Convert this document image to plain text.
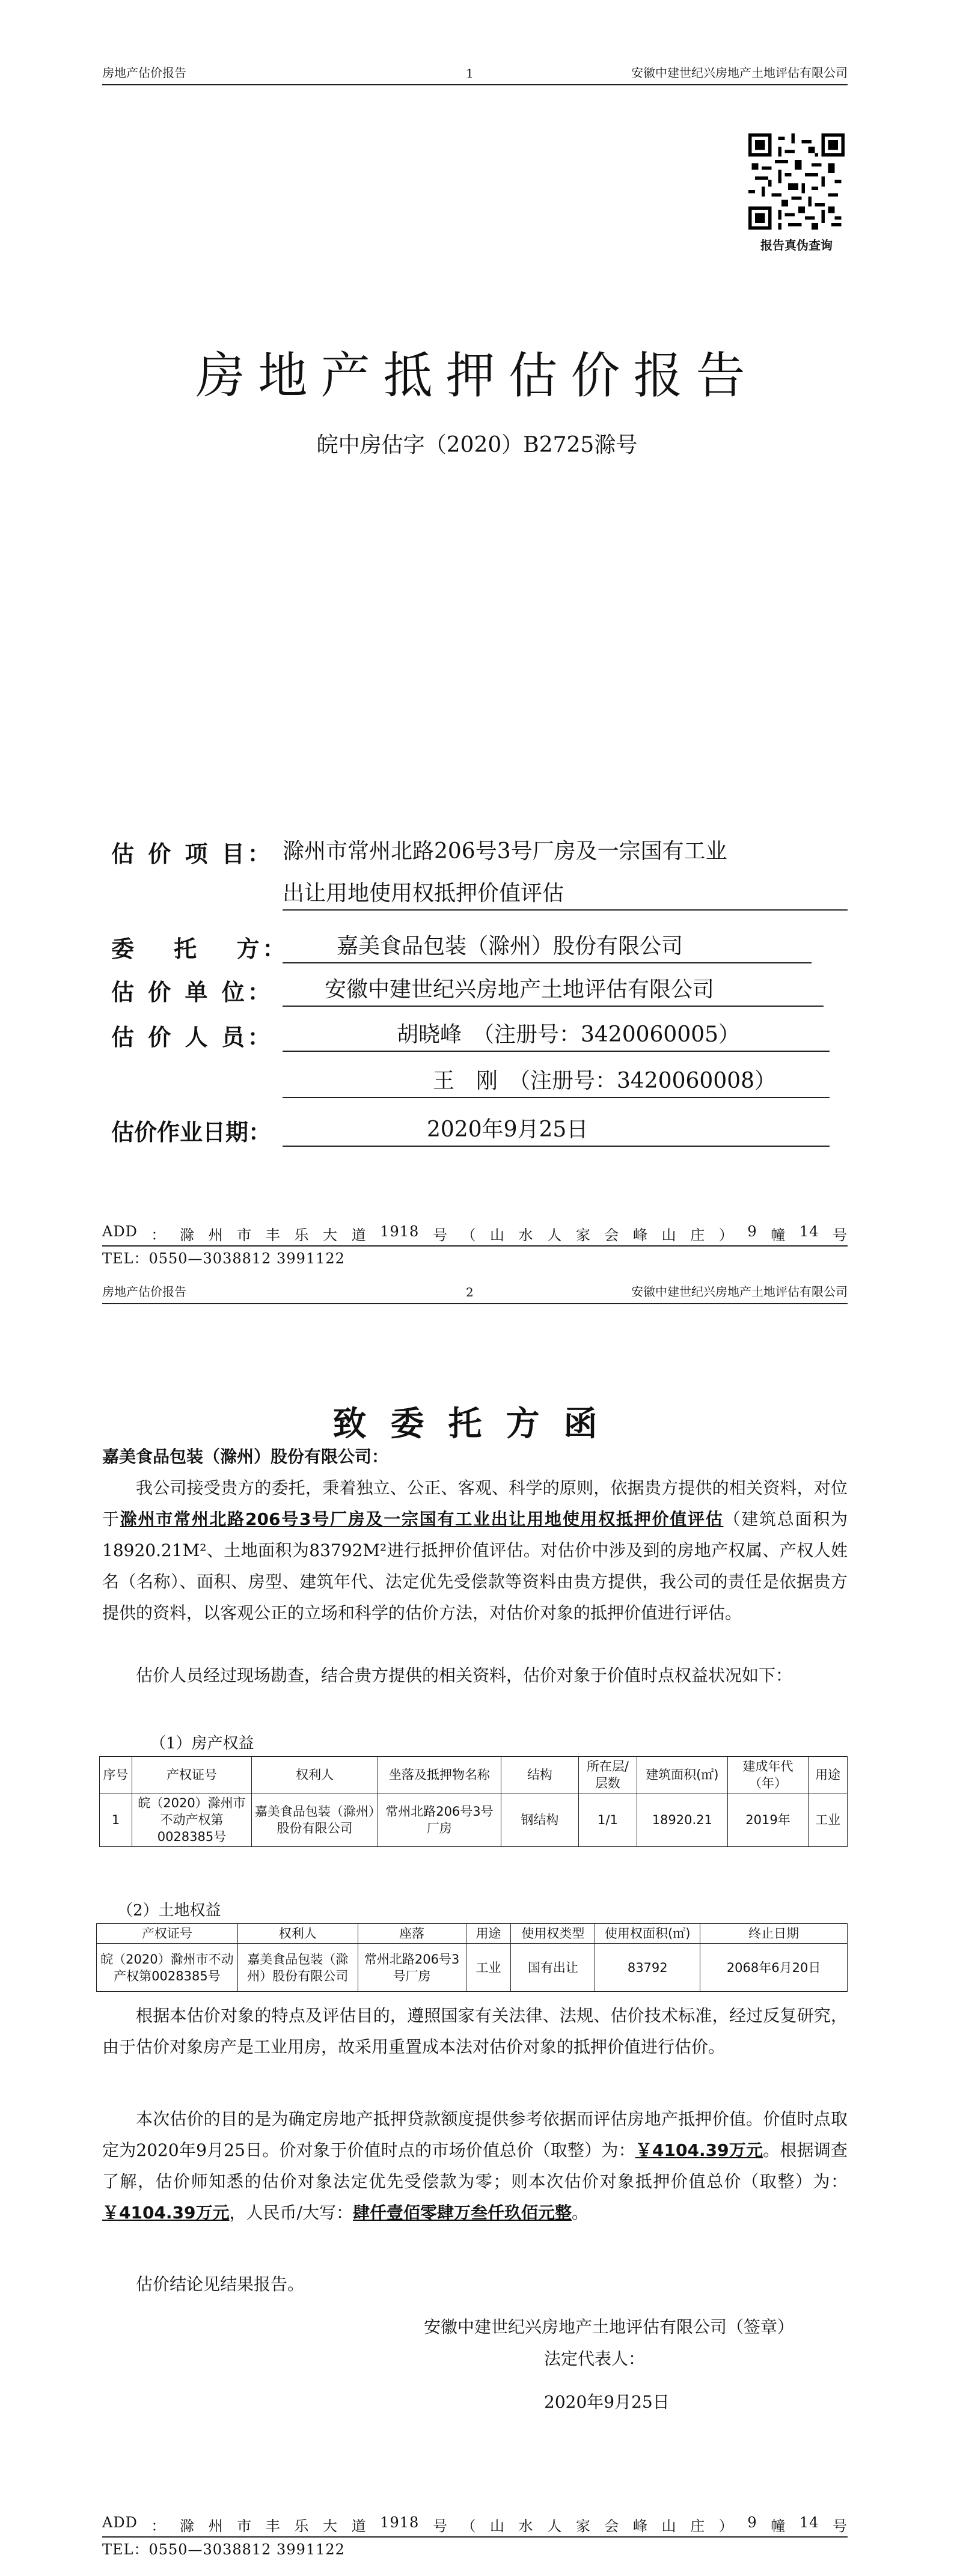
房地产估价报告	1	安徽中建世纪兴房地产土地评估有限公司
报告真伪查询
房地产抵押估价报告
皖中房估字（2020）B2725滁号
估 价 项 目： 滁州市常州北路206号3号厂房及一宗国有工业
出让用地使用权抵押价值评估
委　 托　 方：	嘉美食品包装（滁州）股份有限公司
估 价 单 位：	安徽中建世纪兴房地产土地评估有限公司
估 价 人 员：	胡晓峰　（注册号：3420060005）
王　刚　（注册号：3420060008）
估价作业日期：	2020年9月25日
ADD ： 滁 州 市 丰 乐 大 道 1918 号 （ 山 水 人 家 会 峰 山 庄 ） 9 幢 14 号
TEL：0550—3038812 3991122
房地产估价报告	2	安徽中建世纪兴房地产土地评估有限公司
致委托方函
嘉美食品包装（滁州）股份有限公司：
我公司接受贵方的委托，秉着独立、公正、客观、科学的原则，依据贵方提供的相关资料，对位于滁州市常州北路206号3号厂房及一宗国有工业出让用地使用权抵押价值评估（建筑总面积为18920.21M²、土地面积为83792M²进行抵押价值评估。对估价中涉及到的房地产权属、产权人姓名（名称）、面积、房型、建筑年代、法定优先受偿款等资料由贵方提供，我公司的责任是依据贵方提供的资料，以客观公正的立场和科学的估价方法，对估价对象的抵押价值进行评估。
估价人员经过现场勘查，结合贵方提供的相关资料，估价对象于价值时点权益状况如下：
（1）房产权益
序号	产权证号	权利人	坐落及抵押物名称	结构	所在层/层数	建筑面积(㎡)	建成年代（年）	用途
1	皖（2020）滁州市不动产权第0028385号	嘉美食品包装（滁州）股份有限公司	常州北路206号3号厂房	钢结构	1/1	18920.21	2019年	工业
（2）土地权益
产权证号	权利人	座落	用途	使用权类型	使用权面积(㎡)	终止日期
皖（2020）滁州市不动产权第0028385号	嘉美食品包装（滁州）股份有限公司	常州北路206号3号厂房	工业	国有出让	83792	2068年6月20日
根据本估价对象的特点及评估目的，遵照国家有关法律、法规、估价技术标准，经过反复研究，由于估价对象房产是工业用房，故采用重置成本法对估价对象的抵押价值进行估价。
本次估价的目的是为确定房地产抵押贷款额度提供参考依据而评估房地产抵押价值。价值时点取定为2020年9月25日。价对象于价值时点的市场价值总价（取整）为：￥4104.39万元。根据调查了解，估价师知悉的估价对象法定优先受偿款为零；则本次估价对象抵押价值总价（取整）为：￥4104.39万元，人民币/大写：肆仟壹佰零肆万叁仟玖佰元整。
估价结论见结果报告。
安徽中建世纪兴房地产土地评估有限公司（签章）
法定代表人：
2020年9月25日
ADD ： 滁 州 市 丰 乐 大 道 1918 号 （ 山 水 人 家 会 峰 山 庄 ） 9 幢 14 号
TEL：0550—3038812 3991122
